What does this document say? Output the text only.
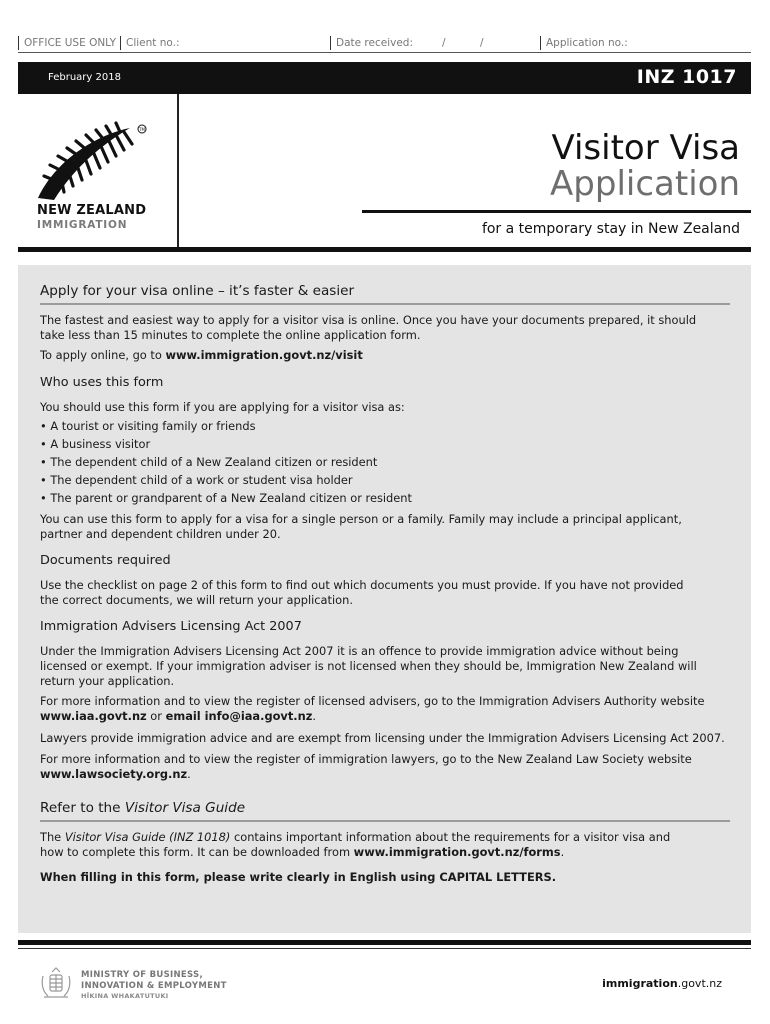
OFFICE USE ONLY Client no.:	Date received:	/	/	Application no.:
February 2018	INZ 1017
TM
NEW ZEALAND
IMMIGRATION
Visitor Visa
Application
for a temporary stay in New Zealand

Apply for your visa online – it’s faster & easier

The fastest and easiest way to apply for a visitor visa is online. Once you have your documents prepared, it should

take less than 15 minutes to complete the online application form.

To apply online, go to www.immigration.govt.nz/visit

Who uses this form

You should use this form if you are applying for a visitor visa as:

• A tourist or visiting family or friends

• A business visitor

• The dependent child of a New Zealand citizen or resident

• The dependent child of a work or student visa holder

• The parent or grandparent of a New Zealand citizen or resident

You can use this form to apply for a visa for a single person or a family. Family may include a principal applicant,

partner and dependent children under 20.

Documents required

Use the checklist on page 2 of this form to find out which documents you must provide. If you have not provided

the correct documents, we will return your application.

Immigration Advisers Licensing Act 2007

Under the Immigration Advisers Licensing Act 2007 it is an offence to provide immigration advice without being

licensed or exempt. If your immigration adviser is not licensed when they should be, Immigration New Zealand will

return your application.

For more information and to view the register of licensed advisers, go to the Immigration Advisers Authority website

www.iaa.govt.nz or email info@iaa.govt.nz.

Lawyers provide immigration advice and are exempt from licensing under the Immigration Advisers Licensing Act 2007.

For more information and to view the register of immigration lawyers, go to the New Zealand Law Society website

www.lawsociety.org.nz.

Refer to the Visitor Visa Guide

The Visitor Visa Guide (INZ 1018) contains important information about the requirements for a visitor visa and

how to complete this form. It can be downloaded from www.immigration.govt.nz/forms.

When filling in this form, please write clearly in English using CAPITAL LETTERS.

MINISTRY OF BUSINESS,
INNOVATION & EMPLOYMENT
HĪKINA WHAKATUTUKI
immigration.govt.nz
